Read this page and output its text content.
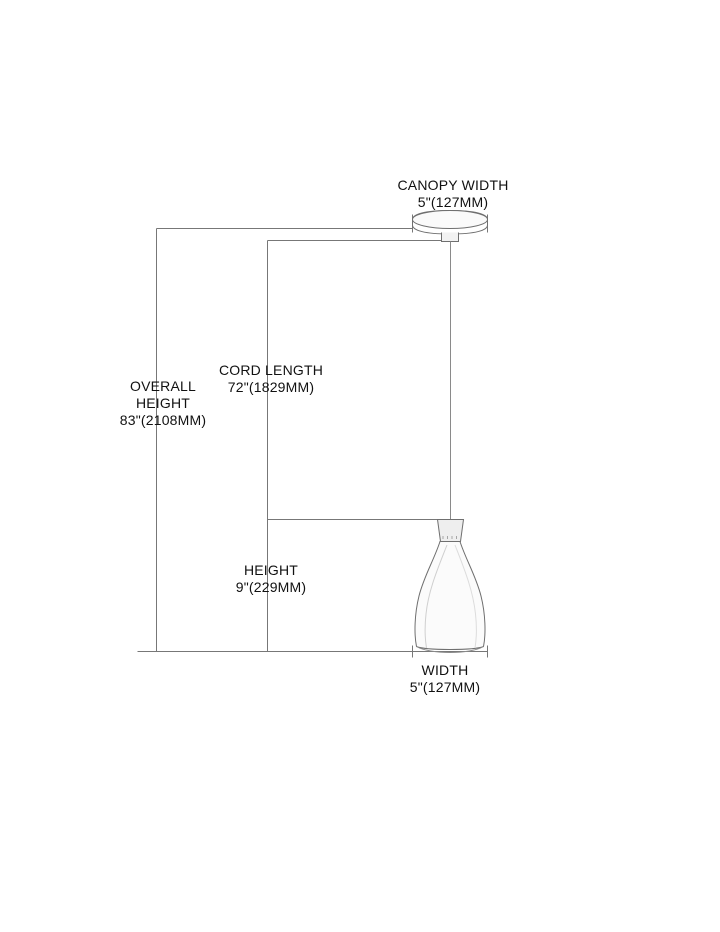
CANOPY WIDTH
5"(127MM)
CORD LENGTH
72"(1829MM)
OVERALL
HEIGHT
83"(2108MM)
HEIGHT
9"(229MM)
WIDTH
5"(127MM)
